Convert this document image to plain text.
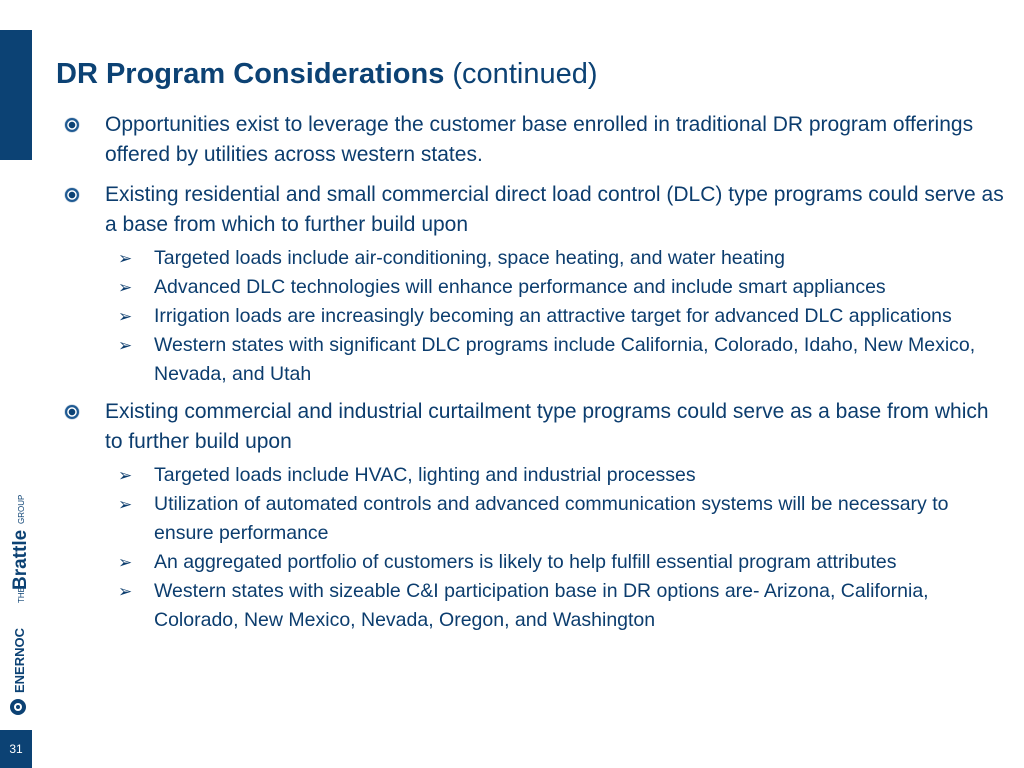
DR Program Considerations (continued)
Opportunities exist to leverage the customer base enrolled in traditional DR program offerings offered by utilities across western states.
Existing residential and small commercial direct load control (DLC) type programs could serve as a base from which to further build upon
➢ Targeted loads include air-conditioning, space heating, and water heating
➢ Advanced DLC technologies will enhance performance and include smart appliances
➢ Irrigation loads are increasingly becoming an attractive target for advanced DLC applications
➢ Western states with significant DLC programs include California, Colorado, Idaho, New Mexico, Nevada, and Utah
Existing commercial and industrial curtailment type programs could serve as a base from which to further build upon
➢ Targeted loads include HVAC, lighting and industrial processes
➢ Utilization of automated controls and advanced communication systems will be necessary to ensure performance
➢ An aggregated portfolio of customers is likely to help fulfill essential program attributes
➢ Western states with sizeable C&I participation base in DR options are- Arizona, California, Colorado, New Mexico, Nevada, Oregon, and Washington
THE
Brattle
GROUP
ENERNOC
31
